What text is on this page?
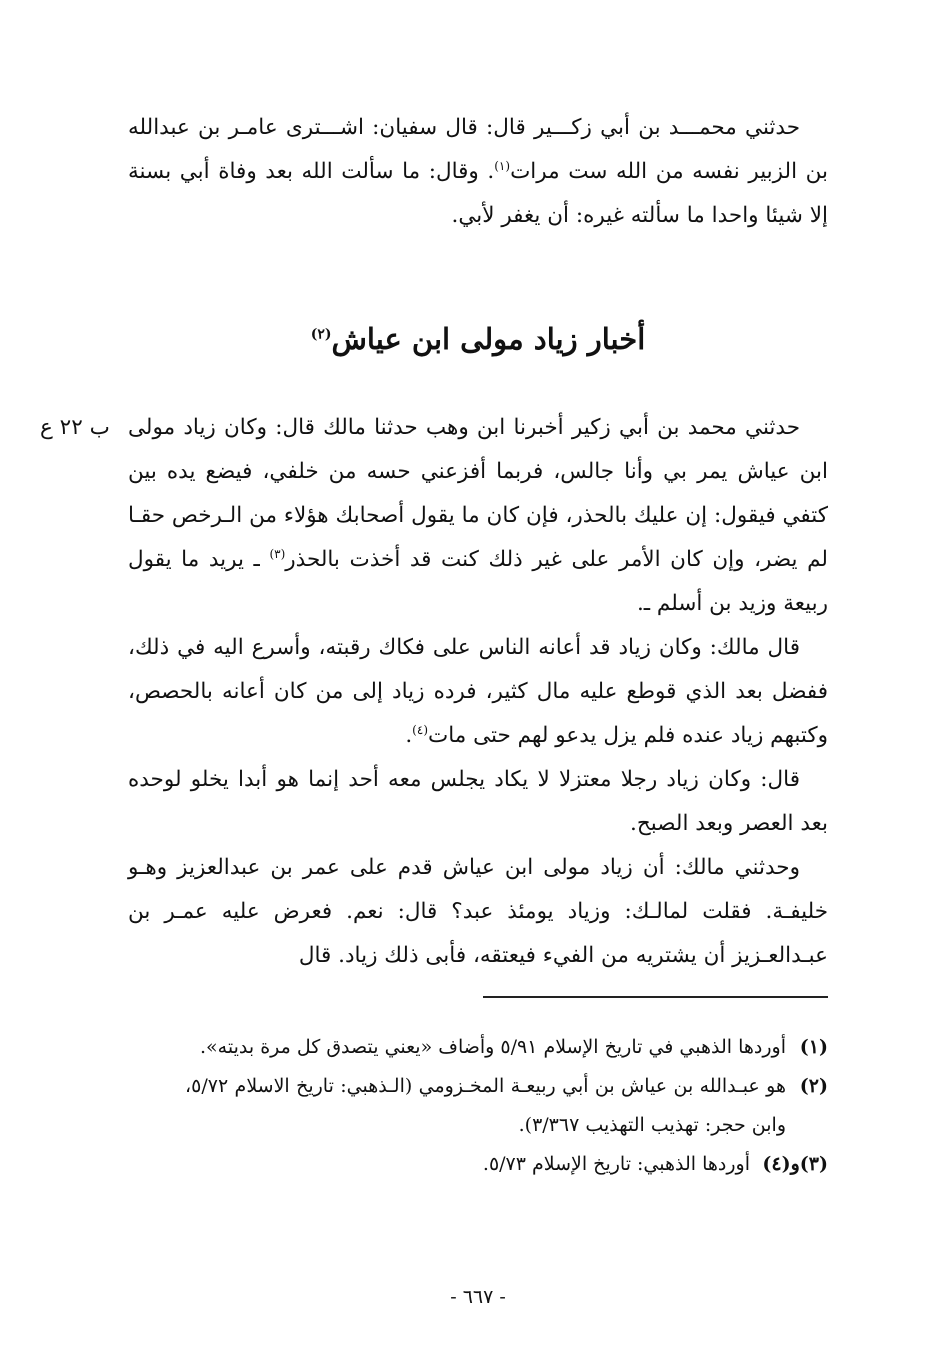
حدثني محمـــد بن أبي زكـــير قال: قال سفيان: اشـــترى عامـر بن عبدالله بن الزبير نفسه من الله ست مرات$^{(١)}$. وقال: ما سألت الله بعد وفاة أبي بسنة إلا شيئا واحدا ما سألته غيره: أن يغفر لأبي.

أخبار زياد مولى ابن عياش$^{(٢)}$
ب ٢٢ ع حدثني محمد بن أبي زكير أخبرنا ابن وهب حدثنا مالك قال: وكان زياد مولى ابن عياش يمر بي وأنا جالس، فربما أفزعني حسه من خلفي، فيضع يده بين كتفي فيقول: إن عليك بالحذر، فإن كان ما يقول أصحابك هؤلاء من الـرخص حقـا لم يضر، وإن كان الأمر على غير ذلك كنت قد أخذت بالحذر$^{(٣)}$ ـ يريد ما يقول ربيعة وزيد بن أسلم ـ.

قال مالك: وكان زياد قد أعانه الناس على فكاك رقبته، وأسرع اليه في ذلك، ففضل بعد الذي قوطع عليه مال كثير، فرده زياد إلى من كان أعانه بالحصص، وكتبهم زياد عنده فلم يزل يدعو لهم حتى مات$^{(٤)}$.

قال: وكان زياد رجلا معتزلا لا يكاد يجلس معه أحد إنما هو أبدا يخلو لوحده بعد العصر وبعد الصبح.

وحدثني مالك: أن زياد مولى ابن عياش قدم على عمر بن عبدالعزيز وهـو خليفـة. فقلت لمالـك: وزياد يومئذ عبد؟ قال: نعم. فعرض عليه عمـر بن عبـدالعـزيز أن يشتريه من الفيء فيعتقه، فأبى ذلك زياد. قال

(١)
أوردها الذهبي في تاريخ الإسلام ٥/٩١ وأضاف «يعني يتصدق كل مرة بديته».
(٢)
هو عبـدالله بن عياش بن أبي ربيعـة المخـزومي (الـذهبي: تاريخ الاسلام ٥/٧٢، وابن حجر: تهذيب التهذيب ٣/٣٦٧).
(٣)و(٤)
أوردها الذهبي: تاريخ الإسلام ٥/٧٣.
- ٦٦٧ -
